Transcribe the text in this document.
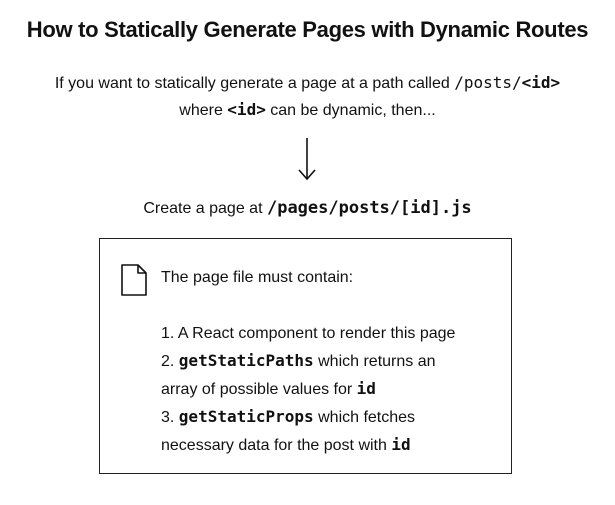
How to Statically Generate Pages with Dynamic Routes
If you want to statically generate a page at a path called /posts/<id>
where <id> can be dynamic, then...
Create a page at /pages/posts/[id].js
The page file must contain:
1. A React component to render this page
2. getStaticPaths which returns an
array of possible values for id
3. getStaticProps which fetches
necessary data for the post with id
